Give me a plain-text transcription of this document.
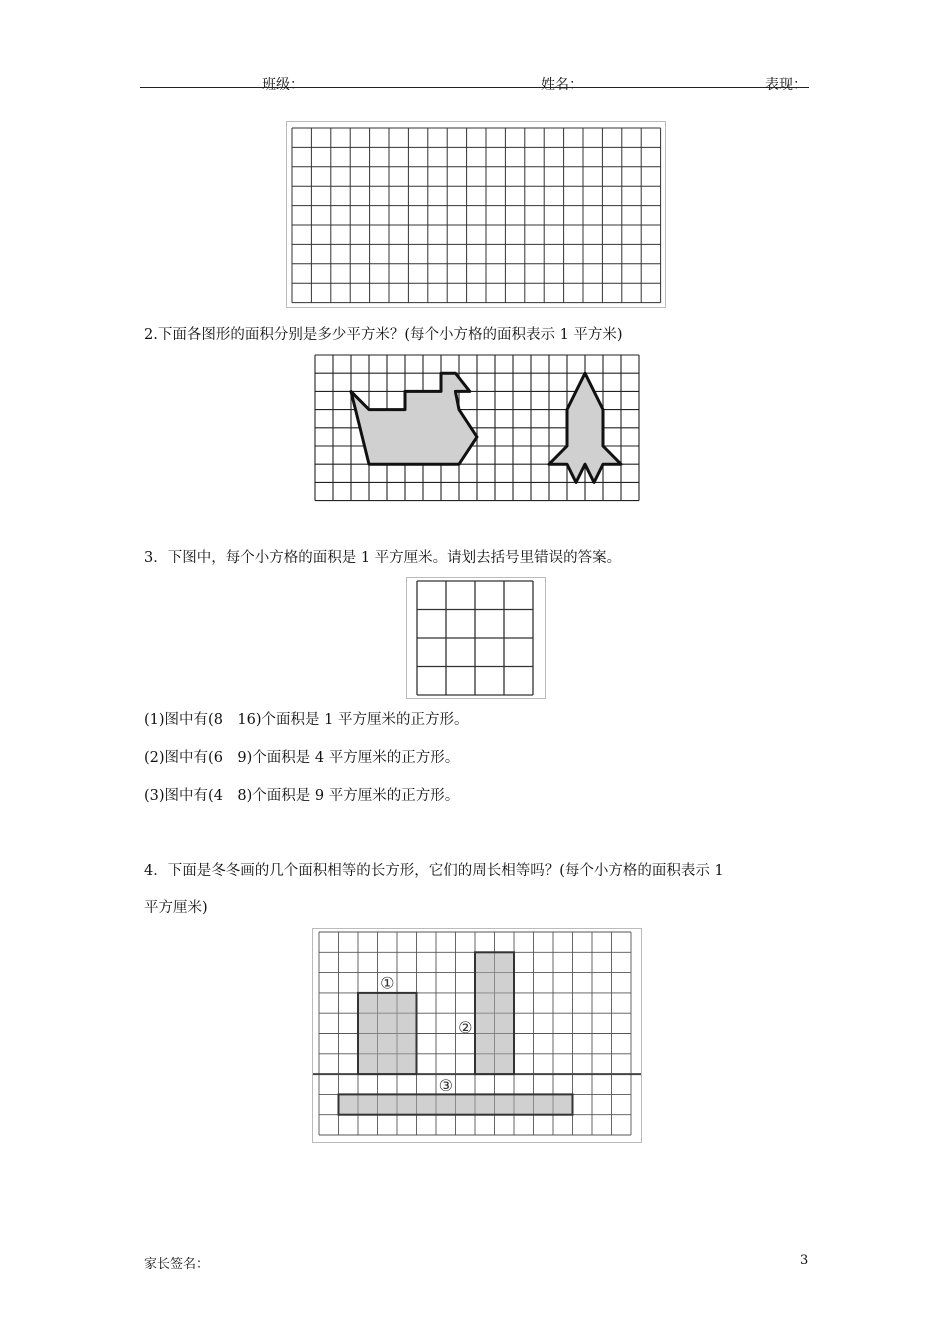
班级：	姓名：	表现：
2.下面各图形的面积分别是多少平方米？(每个小方格的面积表示 1 平方米)
3．下图中，每个小方格的面积是 1 平方厘米。请划去括号里错误的答案。
(1)图中有(8　16)个面积是 1 平方厘米的正方形。
(2)图中有(6　9)个面积是 4 平方厘米的正方形。
(3)图中有(4　8)个面积是 9 平方厘米的正方形。
4．下面是冬冬画的几个面积相等的长方形，它们的周长相等吗？(每个小方格的面积表示 1
平方厘米)
①
②
③
家长签名：	3
